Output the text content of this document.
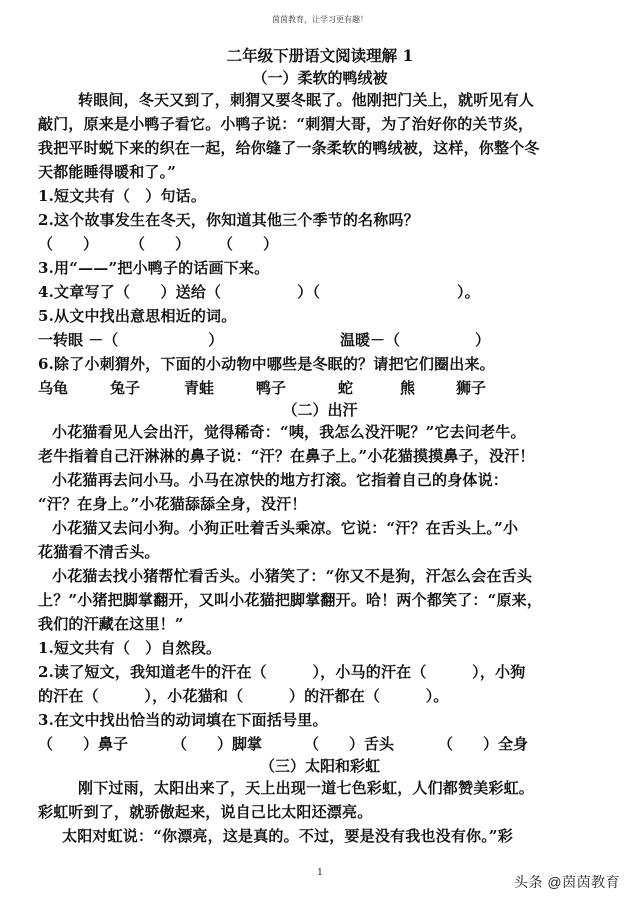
茵茵教育，让学习更有趣！
二年级下册语文阅读理解 1
（一）柔软的鸭绒被
转眼间，冬天又到了，刺猬又要冬眠了。他刚把门关上，就听见有人
敲门，原来是小鸭子看它。小鸭子说：“刺猬大哥，为了治好你的关节炎，
我把平时蜕下来的织在一起，给你缝了一条柔软的鸭绒被，这样，你整个冬
天都能睡得暖和了。”
1.短文共有（　）句话。
2.这个故事发生在冬天，你知道其他三个季节的名称吗？
（　　） （　　） （　　）
3.用“——”把小鸭子的话画下来。
4.文章写了（　　）送给（　　　　　）（　　　　　　　　　）。
5.从文中找出意思相近的词。
一转眼 －（　　　　　　）	温暖－（　　　　　）
6.除了小刺猬外，下面的小动物中哪些是冬眠的？请把它们圈出来。
乌龟	兔子	青蛙	鸭子	蛇	熊	狮子
（二）出汗
小花猫看见人会出汗，觉得稀奇：“咦，我怎么没汗呢？”它去问老牛。
老牛指着自己汗淋淋的鼻子说：“汗？在鼻子上。”小花猫摸摸鼻子，没汗！
小花猫再去问小马。小马在凉快的地方打滚。它指着自己的身体说：
“汗？在身上。”小花猫舔舔全身，没汗！
小花猫又去问小狗。小狗正吐着舌头乘凉。它说：“汗？在舌头上。”小
花猫看不清舌头。
小花猫去找小猪帮忙看舌头。小猪笑了：“你又不是狗，汗怎么会在舌头
上？”小猪把脚掌翻开，又叫小花猫把脚掌翻开。哈！两个都笑了：“原来，
我们的汗藏在这里！”
1.短文共有（　）自然段。
2.读了短文，我知道老牛的汗在（　　　），小马的汗在（　　　），小狗
的汗在（　　　），小花猫和（　　　）的汗都在（　　　）。
3.在文中找出恰当的动词填在下面括号里。
（　　）鼻子	（　　）脚掌	（　　）舌头	（　　）全身
（三）太阳和彩虹
刚下过雨，太阳出来了，天上出现一道七色彩虹，人们都赞美彩虹。
彩虹听到了，就骄傲起来，说自己比太阳还漂亮。
太阳对虹说：“你漂亮，这是真的。不过，要是没有我也没有你。”彩
1
头条 @茵茵教育
